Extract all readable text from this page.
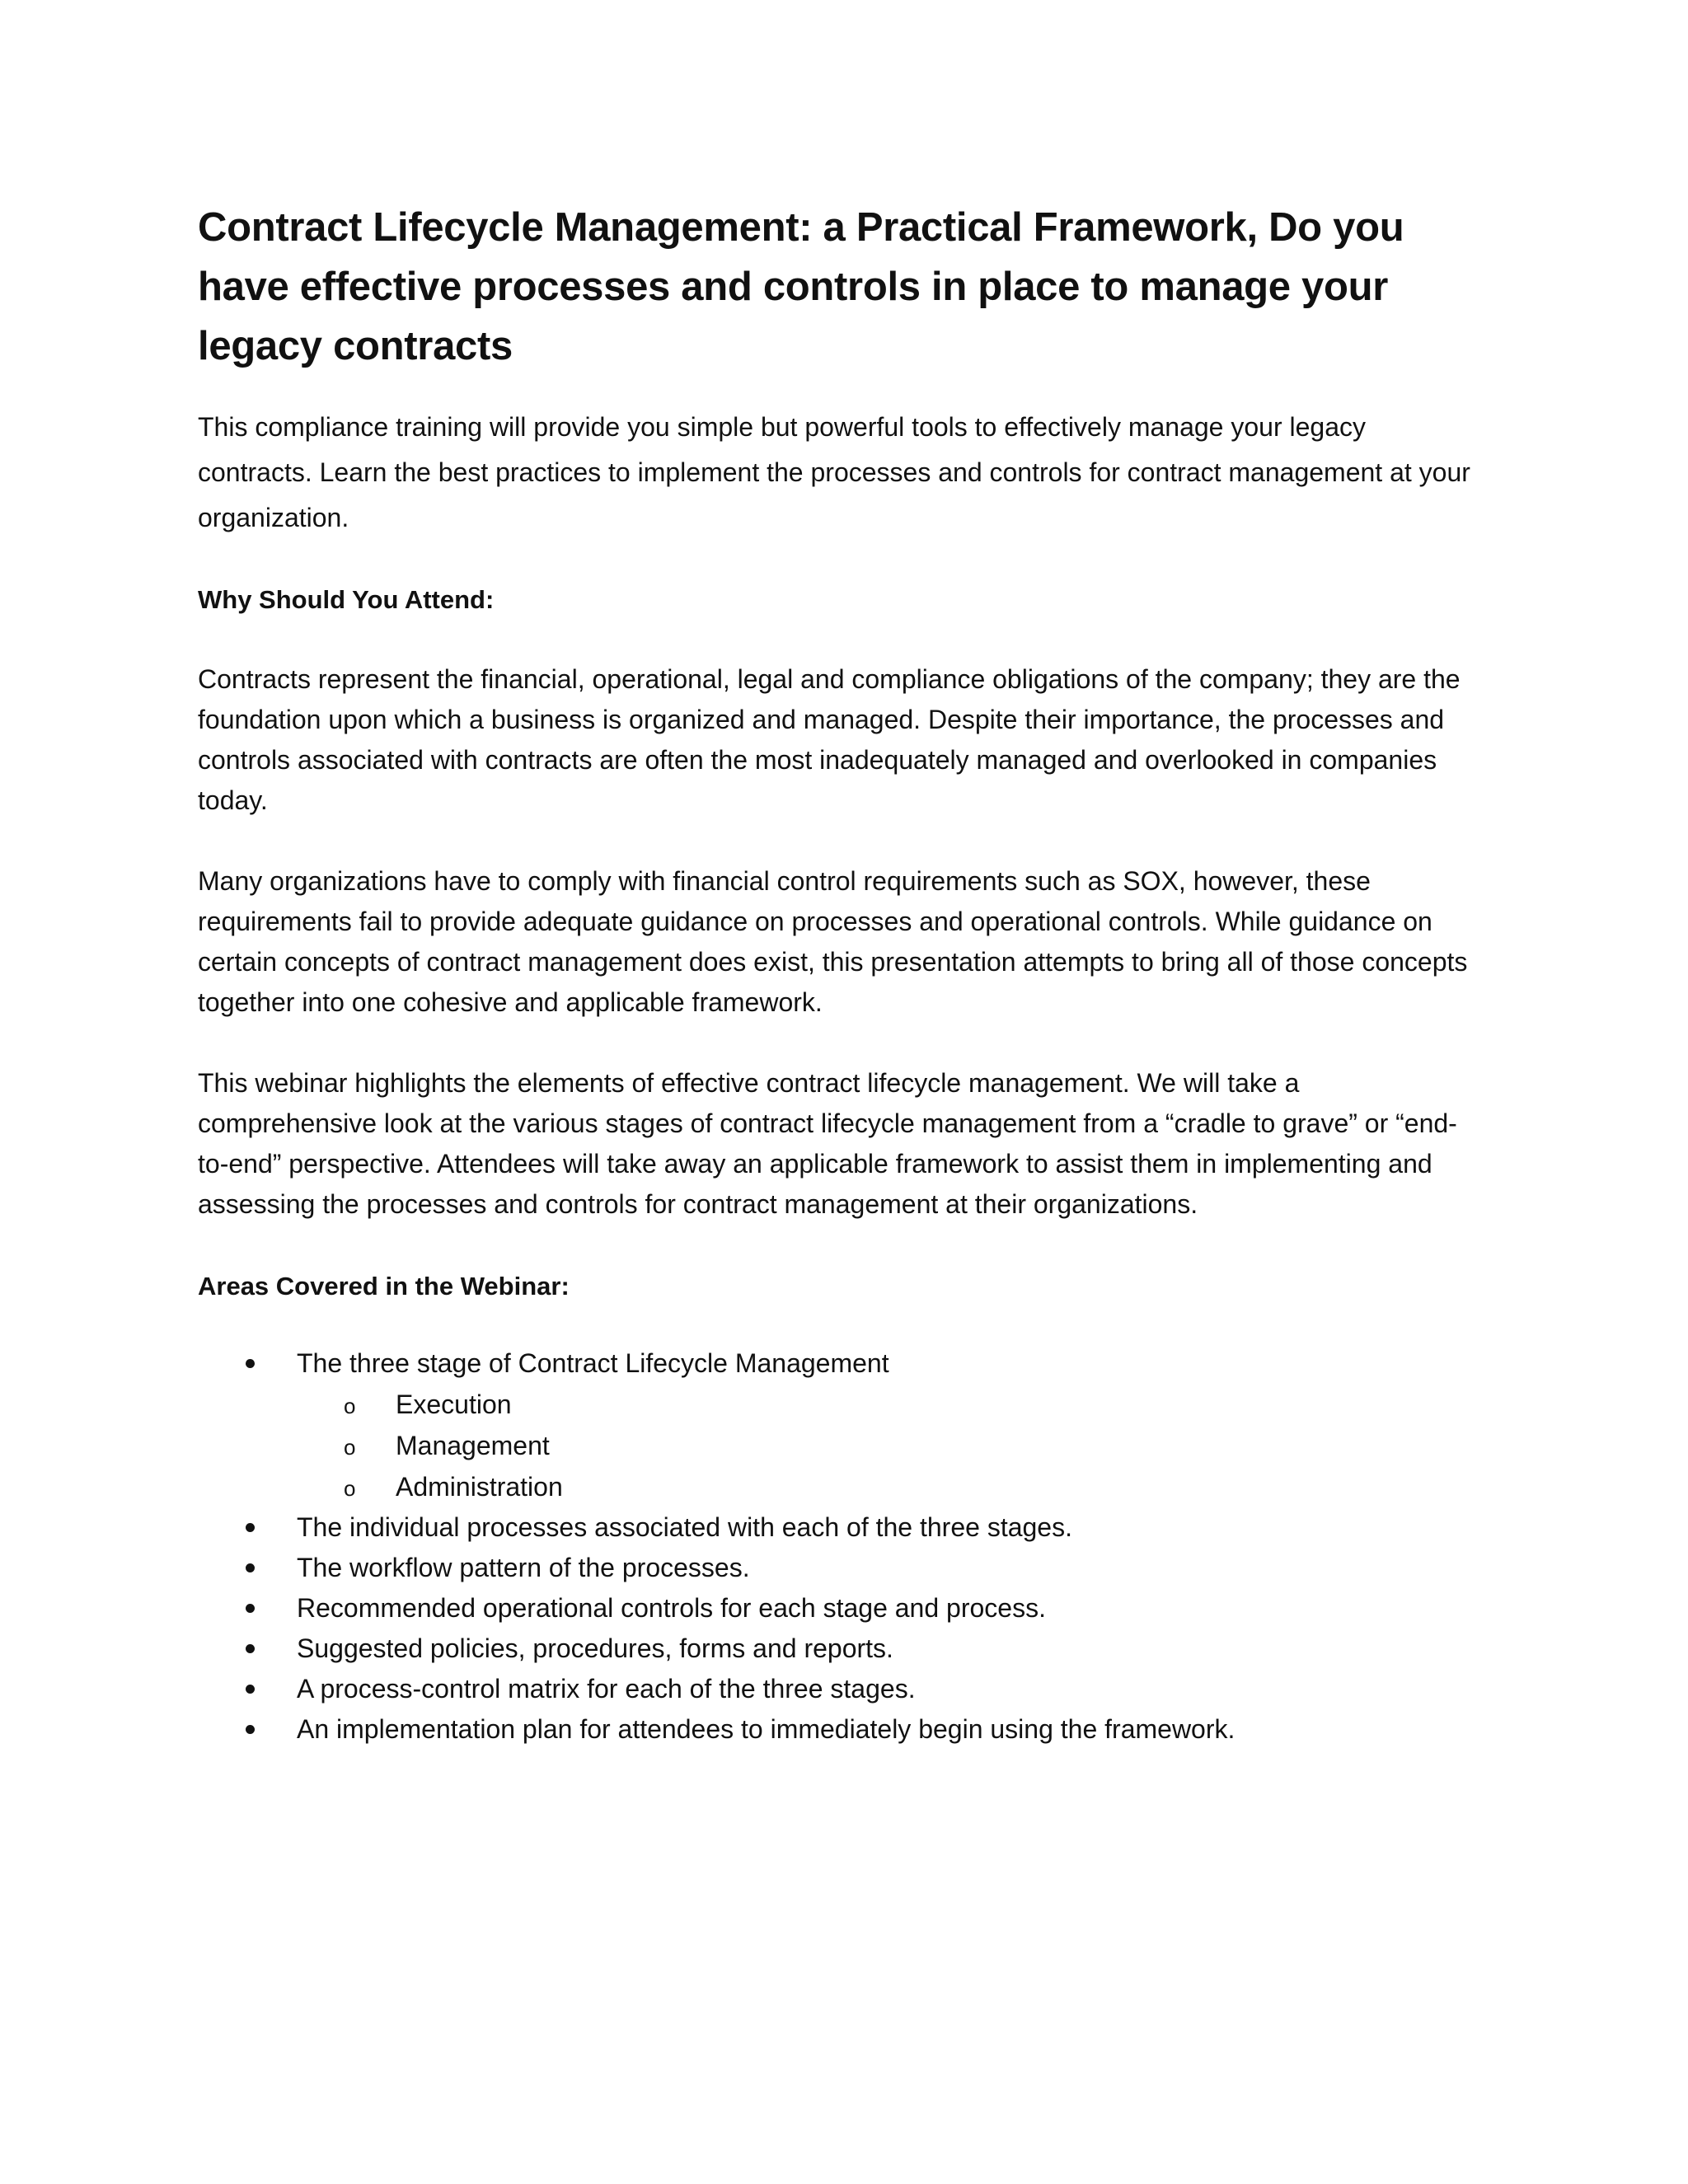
Contract Lifecycle Management: a Practical Framework, Do you have effective processes and controls in place to manage your legacy contracts

This compliance training will provide you simple but powerful tools to effectively manage your legacy contracts. Learn the best practices to implement the processes and controls for contract management at your organization.

Why Should You Attend:

Contracts represent the financial, operational, legal and compliance obligations of the company; they are the foundation upon which a business is organized and managed. Despite their importance, the processes and controls associated with contracts are often the most inadequately managed and overlooked in companies today.

Many organizations have to comply with financial control requirements such as SOX, however, these requirements fail to provide adequate guidance on processes and operational controls. While guidance on certain concepts of contract management does exist, this presentation attempts to bring all of those concepts together into one cohesive and applicable framework.

This webinar highlights the elements of effective contract lifecycle management. We will take a comprehensive look at the various stages of contract lifecycle management from a “cradle to grave” or “end-to-end” perspective. Attendees will take away an applicable framework to assist them in implementing and assessing the processes and controls for contract management at their organizations.

Areas Covered in the Webinar:
The three stage of Contract Lifecycle Management
o Execution
o Management
o Administration
The individual processes associated with each of the three stages.
The workflow pattern of the processes.
Recommended operational controls for each stage and process.
Suggested policies, procedures, forms and reports.
A process-control matrix for each of the three stages.
An implementation plan for attendees to immediately begin using the framework.
